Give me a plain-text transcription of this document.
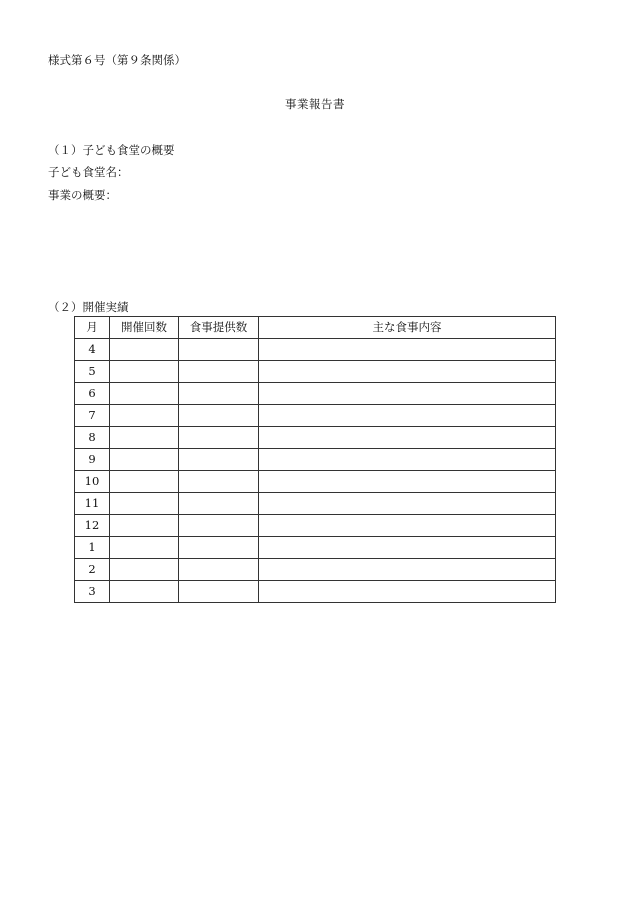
様式第６号（第９条関係）
事業報告書
（１）子ども食堂の概要
子ども食堂名：
事業の概要：
（２）開催実績
月	開催回数	食事提供数	主な食事内容
4			
5			
6			
7			
8			
9			
10			
11			
12			
1			
2			
3			
